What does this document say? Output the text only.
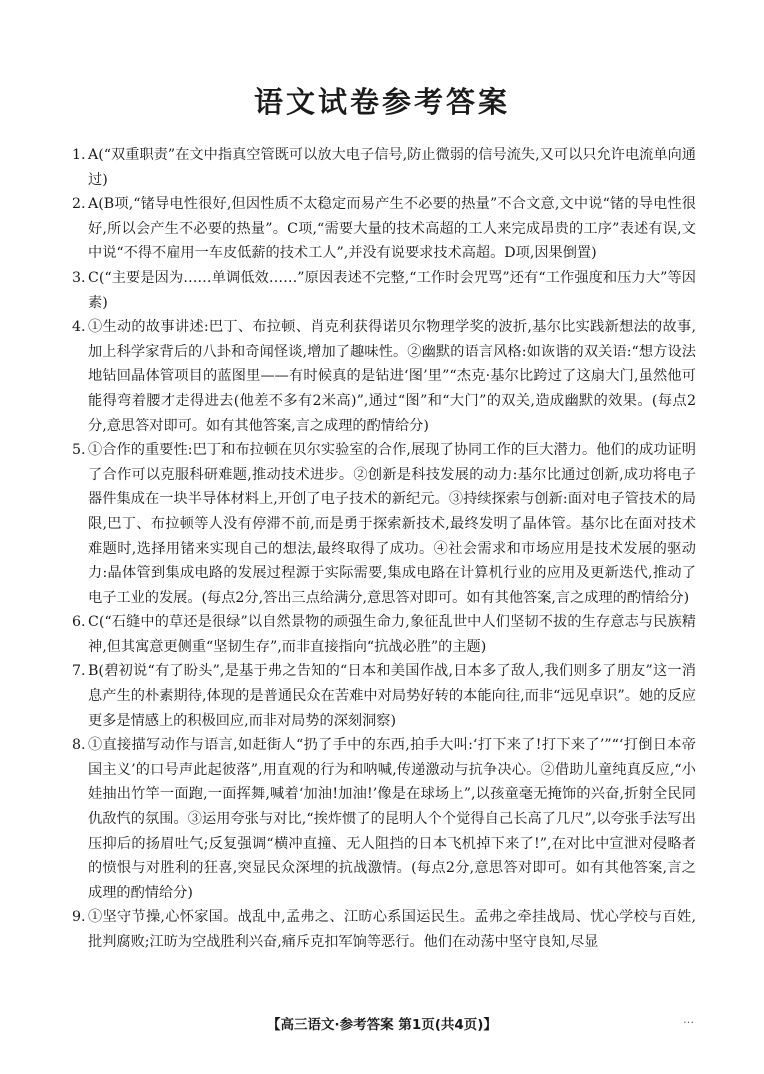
语文试卷参考答案
1. A(“双重职责”在文中指真空管既可以放大电子信号,防止微弱的信号流失,又可以只允许电流单向通过)
2. A(B项,“锗导电性很好,但因性质不太稳定而易产生不必要的热量”不合文意,文中说“锗的导电性很好,所以会产生不必要的热量”。C项,“需要大量的技术高超的工人来完成昂贵的工序”表述有误,文中说“不得不雇用一车皮低薪的技术工人”,并没有说要求技术高超。D项,因果倒置)
3. C(“主要是因为……单调低效……”原因表述不完整,“工作时会咒骂”还有“工作强度和压力大”等因素)
4. ①生动的故事讲述:巴丁、布拉顿、肖克利获得诺贝尔物理学奖的波折,基尔比实践新想法的故事,加上科学家背后的八卦和奇闻怪谈,增加了趣味性。②幽默的语言风格:如诙谐的双关语:“想方设法地钻回晶体管项目的蓝图里——有时候真的是钻进‘图’里”“杰克·基尔比跨过了这扇大门,虽然他可能得弯着腰才走得进去(他差不多有2米高)”,通过“图”和“大门”的双关,造成幽默的效果。(每点2分,意思答对即可。如有其他答案,言之成理的酌情给分)
5. ①合作的重要性:巴丁和布拉顿在贝尔实验室的合作,展现了协同工作的巨大潜力。他们的成功证明了合作可以克服科研难题,推动技术进步。②创新是科技发展的动力:基尔比通过创新,成功将电子器件集成在一块半导体材料上,开创了电子技术的新纪元。③持续探索与创新:面对电子管技术的局限,巴丁、布拉顿等人没有停滞不前,而是勇于探索新技术,最终发明了晶体管。基尔比在面对技术难题时,选择用锗来实现自己的想法,最终取得了成功。④社会需求和市场应用是技术发展的驱动力:晶体管到集成电路的发展过程源于实际需要,集成电路在计算机行业的应用及更新迭代,推动了电子工业的发展。(每点2分,答出三点给满分,意思答对即可。如有其他答案,言之成理的酌情给分)
6. C(“石缝中的草还是很绿”以自然景物的顽强生命力,象征乱世中人们坚韧不拔的生存意志与民族精神,但其寓意更侧重“坚韧生存”,而非直接指向“抗战必胜”的主题)
7. B(碧初说“有了盼头”,是基于弗之告知的“日本和美国作战,日本多了敌人,我们则多了朋友”这一消息产生的朴素期待,体现的是普通民众在苦难中对局势好转的本能向往,而非“远见卓识”。她的反应更多是情感上的积极回应,而非对局势的深刻洞察)
8. ①直接描写动作与语言,如赶街人“扔了手中的东西,拍手大叫:‘打下来了!打下来了’”“‘打倒日本帝国主义’的口号声此起彼落”,用直观的行为和呐喊,传递激动与抗争决心。②借助儿童纯真反应,“小娃抽出竹竿一面跑,一面挥舞,喊着‘加油!加油!’像是在球场上”,以孩童毫无掩饰的兴奋,折射全民同仇敌忾的氛围。③运用夸张与对比,“挨炸惯了的昆明人个个觉得自己长高了几尺”,以夸张手法写出压抑后的扬眉吐气;反复强调“横冲直撞、无人阻挡的日本飞机掉下来了!”,在对比中宣泄对侵略者的愤恨与对胜利的狂喜,突显民众深埋的抗战激情。(每点2分,意思答对即可。如有其他答案,言之成理的酌情给分)
9. ①坚守节操,心怀家国。战乱中,孟弗之、江昉心系国运民生。孟弗之牵挂战局、忧心学校与百姓,批判腐败;江昉为空战胜利兴奋,痛斥克扣军饷等恶行。他们在动荡中坚守良知,尽显
【高三语文·参考答案 第1页(共4页)】	…
